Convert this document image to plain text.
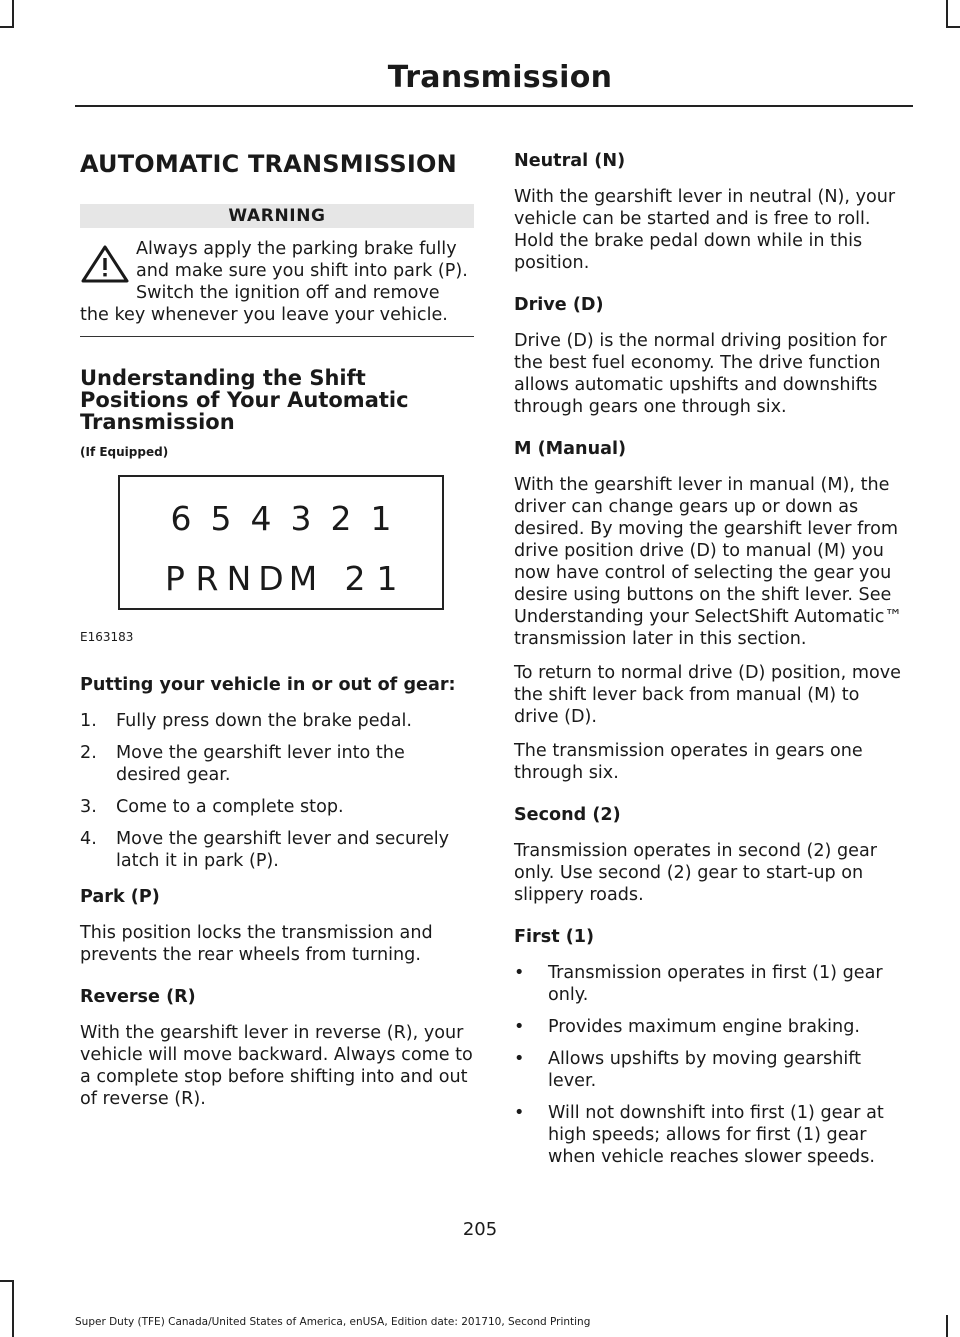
Transmission
AUTOMATIC TRANSMISSION
WARNING
Always apply the parking brake fully and make sure you shift into park (P). Switch the ignition off and remove the key whenever you leave your vehicle.
Understanding the Shift Positions of Your Automatic Transmission
(If Equipped)
6 5 4 3 2 1
P R N D M 2 1
E163183
Putting your vehicle in or out of gear:
1. Fully press down the brake pedal.
2. Move the gearshift lever into the desired gear.
3. Come to a complete stop.
4. Move the gearshift lever and securely latch it in park (P).
Park (P)

This position locks the transmission and prevents the rear wheels from turning.

Reverse (R)

With the gearshift lever in reverse (R), your vehicle will move backward. Always come to a complete stop before shifting into and out of reverse (R).

Neutral (N)

With the gearshift lever in neutral (N), your vehicle can be started and is free to roll. Hold the brake pedal down while in this position.

Drive (D)

Drive (D) is the normal driving position for the best fuel economy. The drive function allows automatic upshifts and downshifts through gears one through six.

M (Manual)

With the gearshift lever in manual (M), the driver can change gears up or down as desired. By moving the gearshift lever from drive position drive (D) to manual (M) you now have control of selecting the gear you desire using buttons on the shift lever. See Understanding your SelectShift Automatic™ transmission later in this section.

To return to normal drive (D) position, move the shift lever back from manual (M) to drive (D).

The transmission operates in gears one through six.

Second (2)

Transmission operates in second (2) gear only. Use second (2) gear to start-up on slippery roads.

First (1)
• Transmission operates in first (1) gear only.
• Provides maximum engine braking.
• Allows upshifts by moving gearshift lever.
• Will not downshift into first (1) gear at high speeds; allows for first (1) gear when vehicle reaches slower speeds.
205
Super Duty (TFE) Canada/United States of America, enUSA, Edition date: 201710, Second Printing
